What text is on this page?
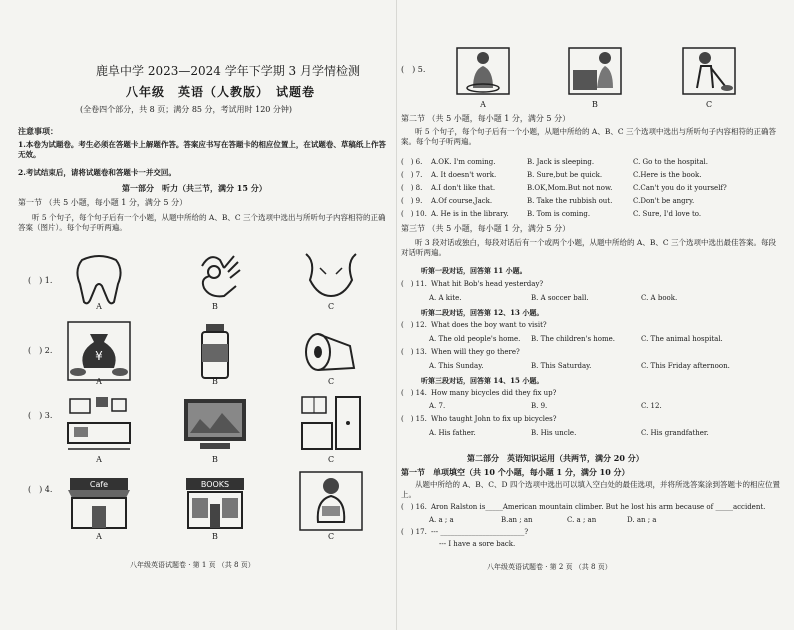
鹿阜中学 2023—2024 学年下学期 3 月学情检测
八年级　英语（人教版）　试题卷
(全卷四个部分，共 8 页；满分 85 分，考试用时 120 分钟)
注意事项：
1.本卷为试题卷。考生必须在答题卡上解题作答。答案应书写在答题卡的相应位置上，在试题卷、草稿纸上作答无效。
2.考试结束后，请将试题卷和答题卡一并交回。
第一部分　听力（共三节，满分 15 分）
第一节 （共 5 小题，每小题 1 分，满分 5 分）
听 5 个句子，每个句子后有一个小题，从题中所给的 A、B、C 三个选项中选出与所听句子内容相符的正确答案（图片）。每个句子听两遍。
(　) 1.
A	B	C
(　) 2.	¥
A	B	C
(　) 3.
A	B	C
(　) 4.
Cafe	BOOKS
A	B	C
八年级英语试题卷 · 第 1 页 （共 8 页）
(　) 5.
A	B	C
第二节 （共 5 小题，每小题 1 分，满分 5 分）
听 5 个句子，每个句子后有一个小题，从题中所给的 A、B、C 三个选项中选出与所听句子内容相符的正确答案。每个句子听两遍。
(　) 6. A.OK. I'm coming.	B. Jack is sleeping.	C. Go to the hospital.
(　) 7. A. It doesn't work.	B. Sure,but be quick.	C.Here is the book.
(　) 8. A.I don't like that.	B.OK,Mom.But not now.	C.Can't you do it yourself?
(　) 9. A.Of course,Jack.	B. Take the rubbish out.	C.Don't be angry.
(　) 10. A. He is in the library.	B. Tom is coming.	C. Sure, I'd love to.
第三节 （共 5 小题，每小题 1 分，满分 5 分）
听 3 段对话或独白，每段对话后有一个或两个小题，从题中所给的 A、B、C 三个选项中选出最佳答案。每段对话听两遍。
听第一段对话，回答第 11 小题。
(　) 11. What hit Bob's head yesterday?
A. A kite.	B. A soccer ball.	C. A book.
听第二段对话，回答第 12、13 小题。
(　) 12. What does the boy want to visit?
A. The old people's home. B. The children's home.	C. The animal hospital.
(　) 13. When will they go there?
A. This Sunday.	B. This Saturday.	C. This Friday afternoon.
听第三段对话，回答第 14、15 小题。
(　) 14. How many bicycles did they fix up?
A. 7.	B. 9.	C. 12.
(　) 15. Who taught John to fix up bicycles?
A. His father.	B. His uncle.	C. His grandfather.
第二部分　英语知识运用（共两节，满分 20 分）
第一节　单项填空（共 10 个小题，每小题 1 分，满分 10 分）
从题中所给的 A、B、C、D 四个选项中选出可以填入空白处的最佳选项，并将所选答案涂到答题卡的相应位置上。
(　) 16. Aron Ralston is_____American mountain climber. But he lost his arm because of _____accident.
A. a ; a	B.an ; an	C. a ; an	D. an ; a
(　) 17. --- ________________________?
--- I have a sore back.
八年级英语试题卷 · 第 2 页 （共 8 页）
